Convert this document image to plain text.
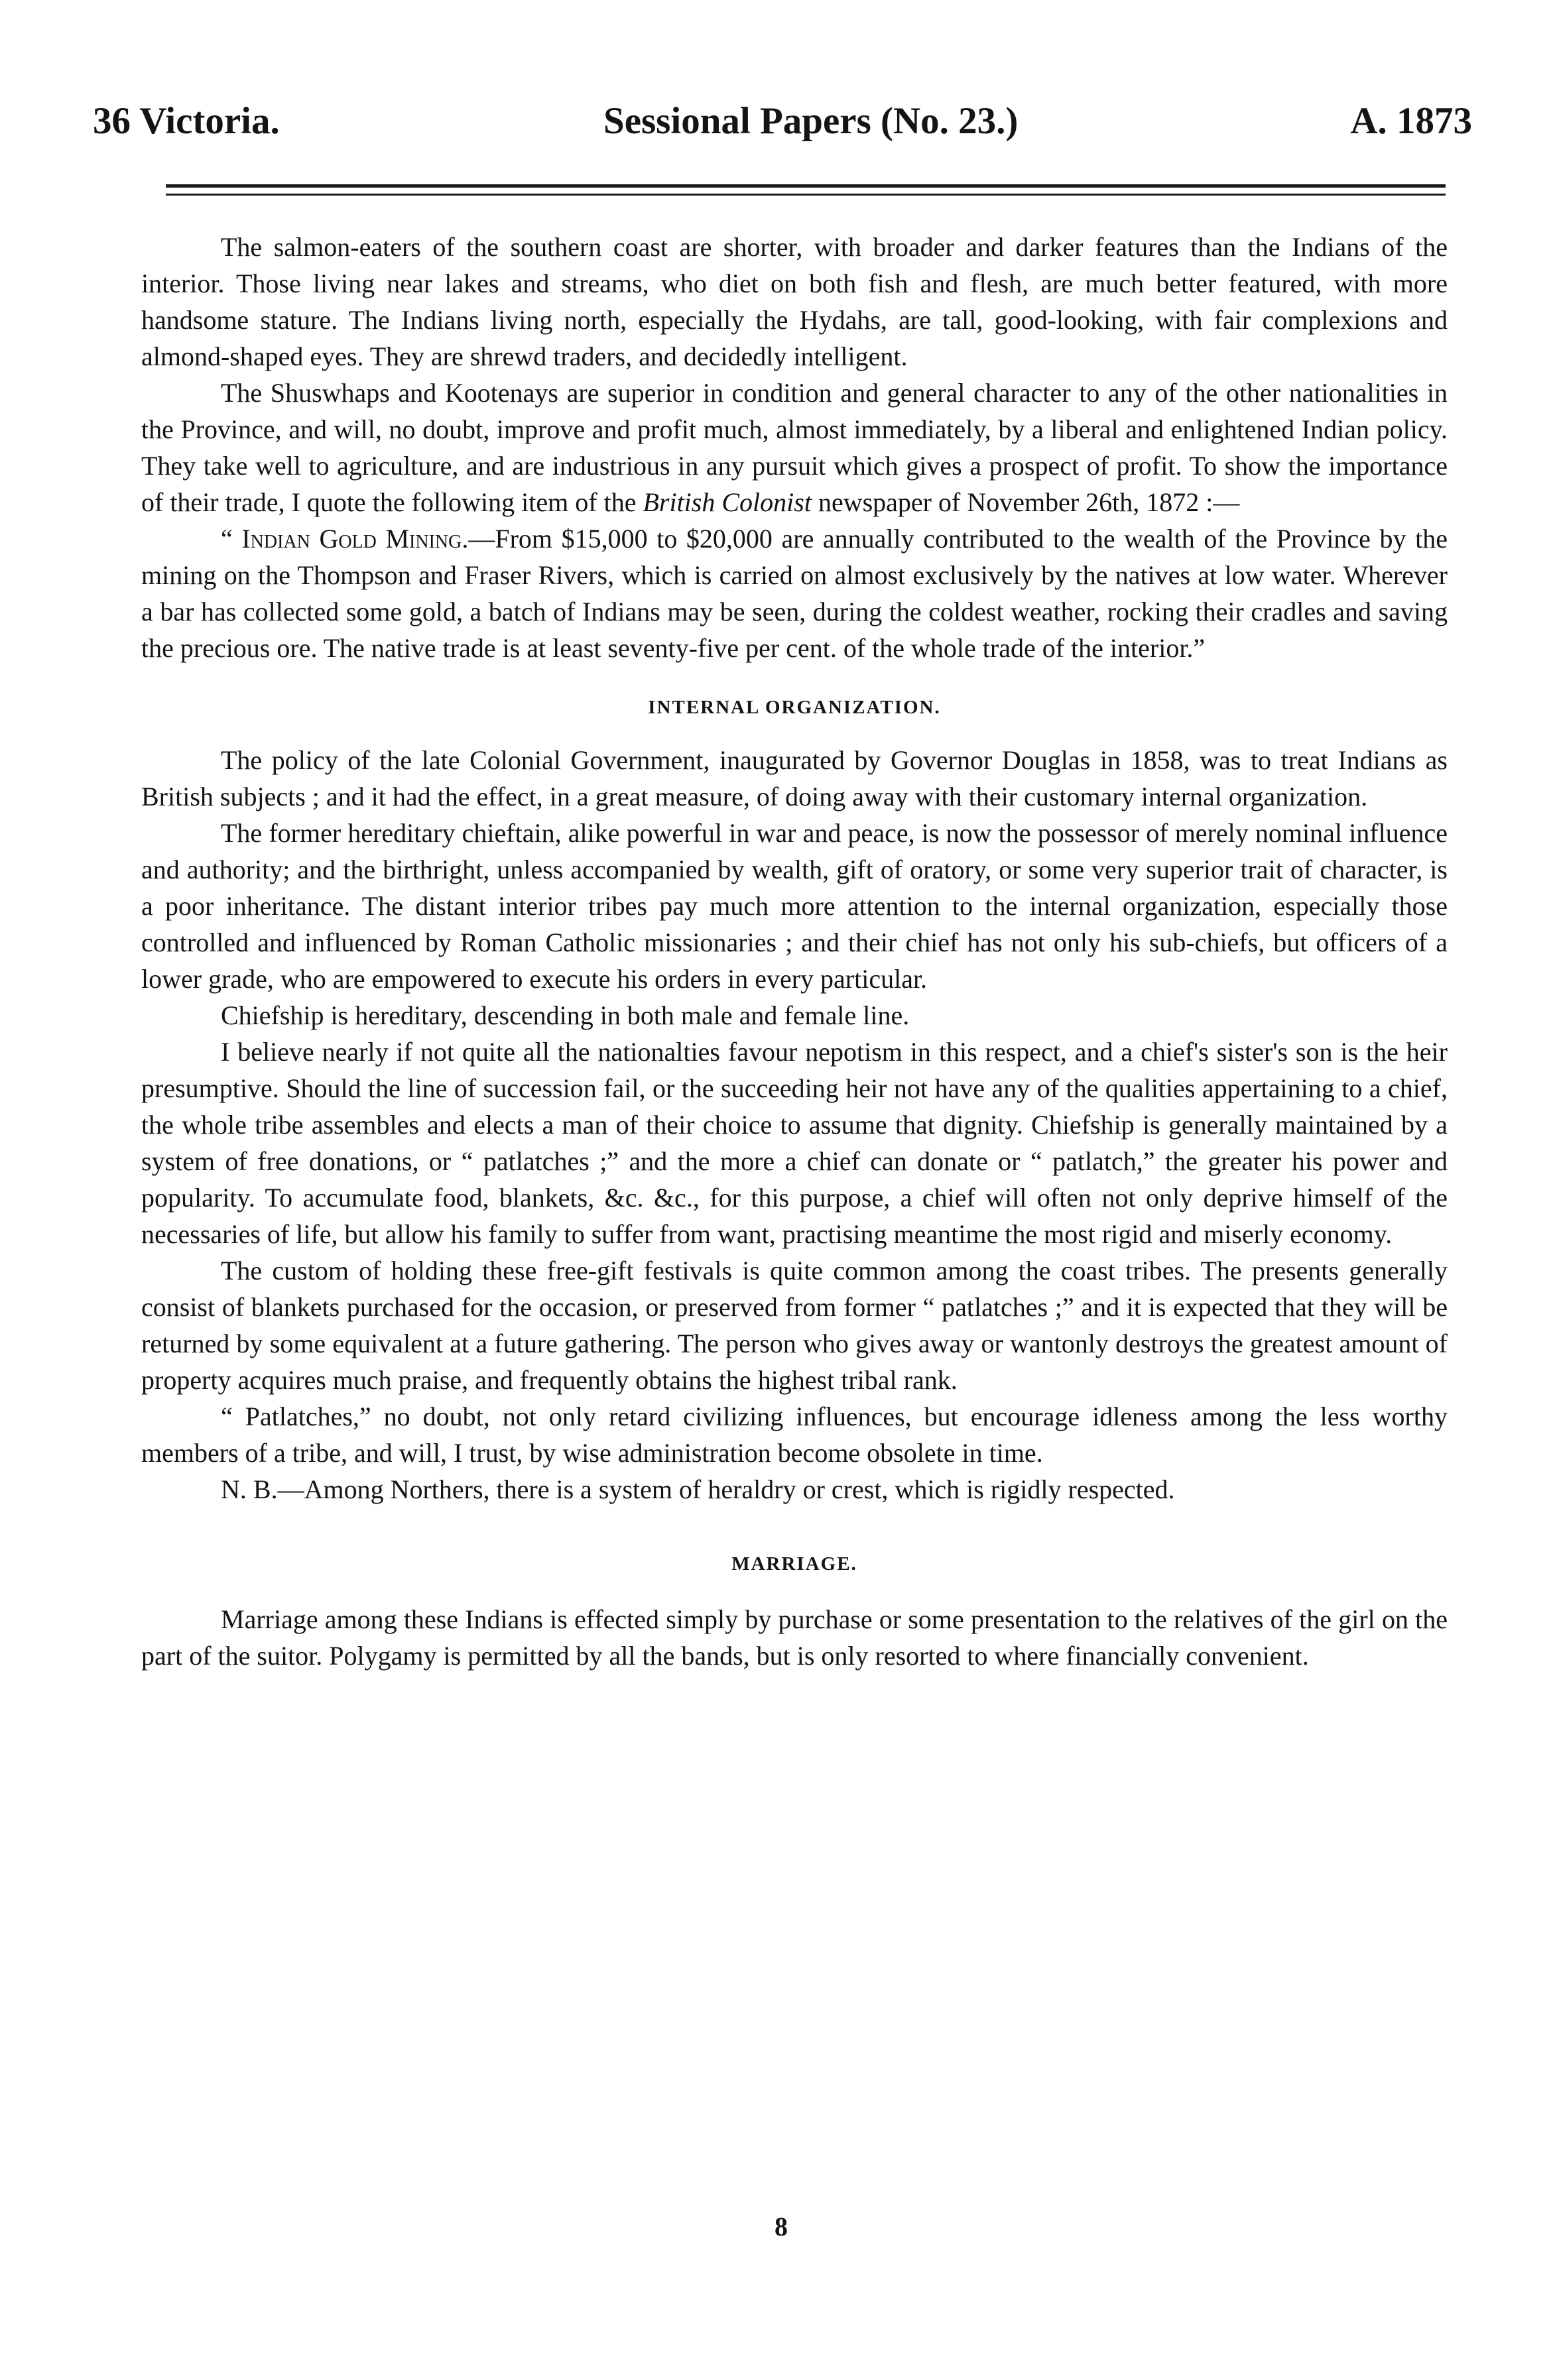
36 Victoria.	Sessional Papers (No. 23.)	A. 1873

The salmon-eaters of the southern coast are shorter, with broader and darker features than the Indians of the interior. Those living near lakes and streams, who diet on both fish and flesh, are much better featured, with more handsome stature. The Indians living north, especially the Hydahs, are tall, good-looking, with fair complexions and almond-shaped eyes. They are shrewd traders, and decidedly intelligent.

The Shuswhaps and Kootenays are superior in condition and general character to any of the other nationalities in the Province, and will, no doubt, improve and profit much, almost immediately, by a liberal and enlightened Indian policy. They take well to agriculture, and are industrious in any pursuit which gives a prospect of profit. To show the importance of their trade, I quote the following item of the British Colonist newspaper of November 26th, 1872 :—

“ Indian Gold Mining.—From $15,000 to $20,000 are annually contributed to the wealth of the Province by the mining on the Thompson and Fraser Rivers, which is carried on almost exclusively by the natives at low water. Wherever a bar has collected some gold, a batch of Indians may be seen, during the coldest weather, rocking their cradles and saving the precious ore. The native trade is at least seventy-five per cent. of the whole trade of the interior.”

INTERNAL ORGANIZATION.

The policy of the late Colonial Government, inaugurated by Governor Douglas in 1858, was to treat Indians as British subjects ; and it had the effect, in a great measure, of doing away with their customary internal organization.

The former hereditary chieftain, alike powerful in war and peace, is now the possessor of merely nominal influence and authority; and the birthright, unless accompanied by wealth, gift of oratory, or some very superior trait of character, is a poor inheritance. The distant interior tribes pay much more attention to the internal organization, especially those controlled and influenced by Roman Catholic missionaries ; and their chief has not only his sub-chiefs, but officers of a lower grade, who are empowered to execute his orders in every particular.

Chiefship is hereditary, descending in both male and female line.

I believe nearly if not quite all the nationalties favour nepotism in this respect, and a chief's sister's son is the heir presumptive. Should the line of succession fail, or the succeeding heir not have any of the qualities appertaining to a chief, the whole tribe assembles and elects a man of their choice to assume that dignity. Chiefship is generally maintained by a system of free donations, or “ patlatches ;” and the more a chief can donate or “ patlatch,” the greater his power and popularity. To accumulate food, blankets, &c. &c., for this purpose, a chief will often not only deprive himself of the necessaries of life, but allow his family to suffer from want, practising meantime the most rigid and miserly economy.

The custom of holding these free-gift festivals is quite common among the coast tribes. The presents generally consist of blankets purchased for the occasion, or preserved from former “ patlatches ;” and it is expected that they will be returned by some equivalent at a future gathering. The person who gives away or wantonly destroys the greatest amount of property acquires much praise, and frequently obtains the highest tribal rank.

“ Patlatches,” no doubt, not only retard civilizing influences, but encourage idleness among the less worthy members of a tribe, and will, I trust, by wise administration become obsolete in time.

N. B.—Among Northers, there is a system of heraldry or crest, which is rigidly respected.

MARRIAGE.

Marriage among these Indians is effected simply by purchase or some presentation to the relatives of the girl on the part of the suitor. Polygamy is permitted by all the bands, but is only resorted to where financially convenient.

8
